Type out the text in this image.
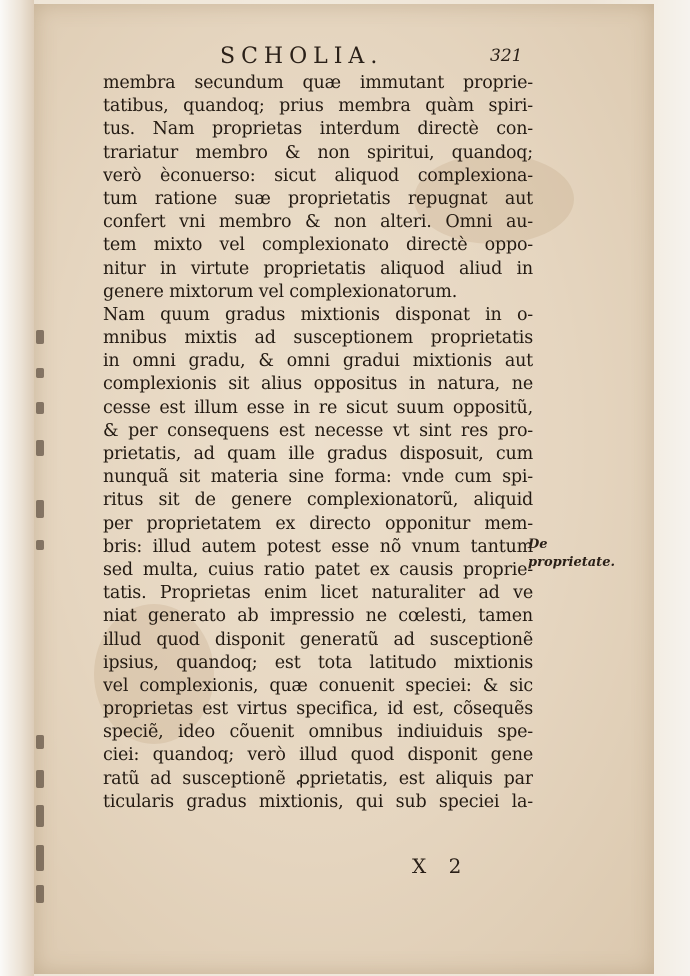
SCHOLIA.	321
membra secundum quæ immutant proprie-
tatibus, quandoq; prius membra quàm spiri-
tus. Nam proprietas interdum directè con-
trariatur membro & non spiritui, quandoq;
verò èconuerso: sicut aliquod complexiona-
tum ratione suæ proprietatis repugnat aut
confert vni membro & non alteri. Omni au-
tem mixto vel complexionato directè oppo-
nitur in virtute proprietatis aliquod aliud in
genere mixtorum vel complexionatorum.
Nam quum gradus mixtionis disponat in o-
mnibus mixtis ad susceptionem proprietatis
in omni gradu, & omni gradui mixtionis aut
complexionis sit alius oppositus in natura, ne
cesse est illum esse in re sicut suum oppositũ,
& per consequens est necesse vt sint res pro-
prietatis, ad quam ille gradus disposuit, cum
nunquã sit materia sine forma: vnde cum spi-
ritus sit de genere complexionatorũ, aliquid
per proprietatem ex directo opponitur mem-
bris: illud autem potest esse nõ vnum tantum
sed multa, cuius ratio patet ex causis proprie-
tatis. Proprietas enim licet naturaliter ad ve
niat generato ab impressio ne cœlesti, tamen
illud quod disponit generatũ ad susceptionẽ
ipsius, quandoq; est tota latitudo mixtionis
vel complexionis, quæ conuenit speciei: & sic
proprietas est virtus specifica, id est, cõsequẽs
speciẽ, ideo cõuenit omnibus indiuiduis spe-
ciei: quandoq; verò illud quod disponit gene
ratũ ad susceptionẽ ꝓprietatis, est aliquis par
ticularis gradus mixtionis, qui sub speciei la-
De proprietate.
X 2
